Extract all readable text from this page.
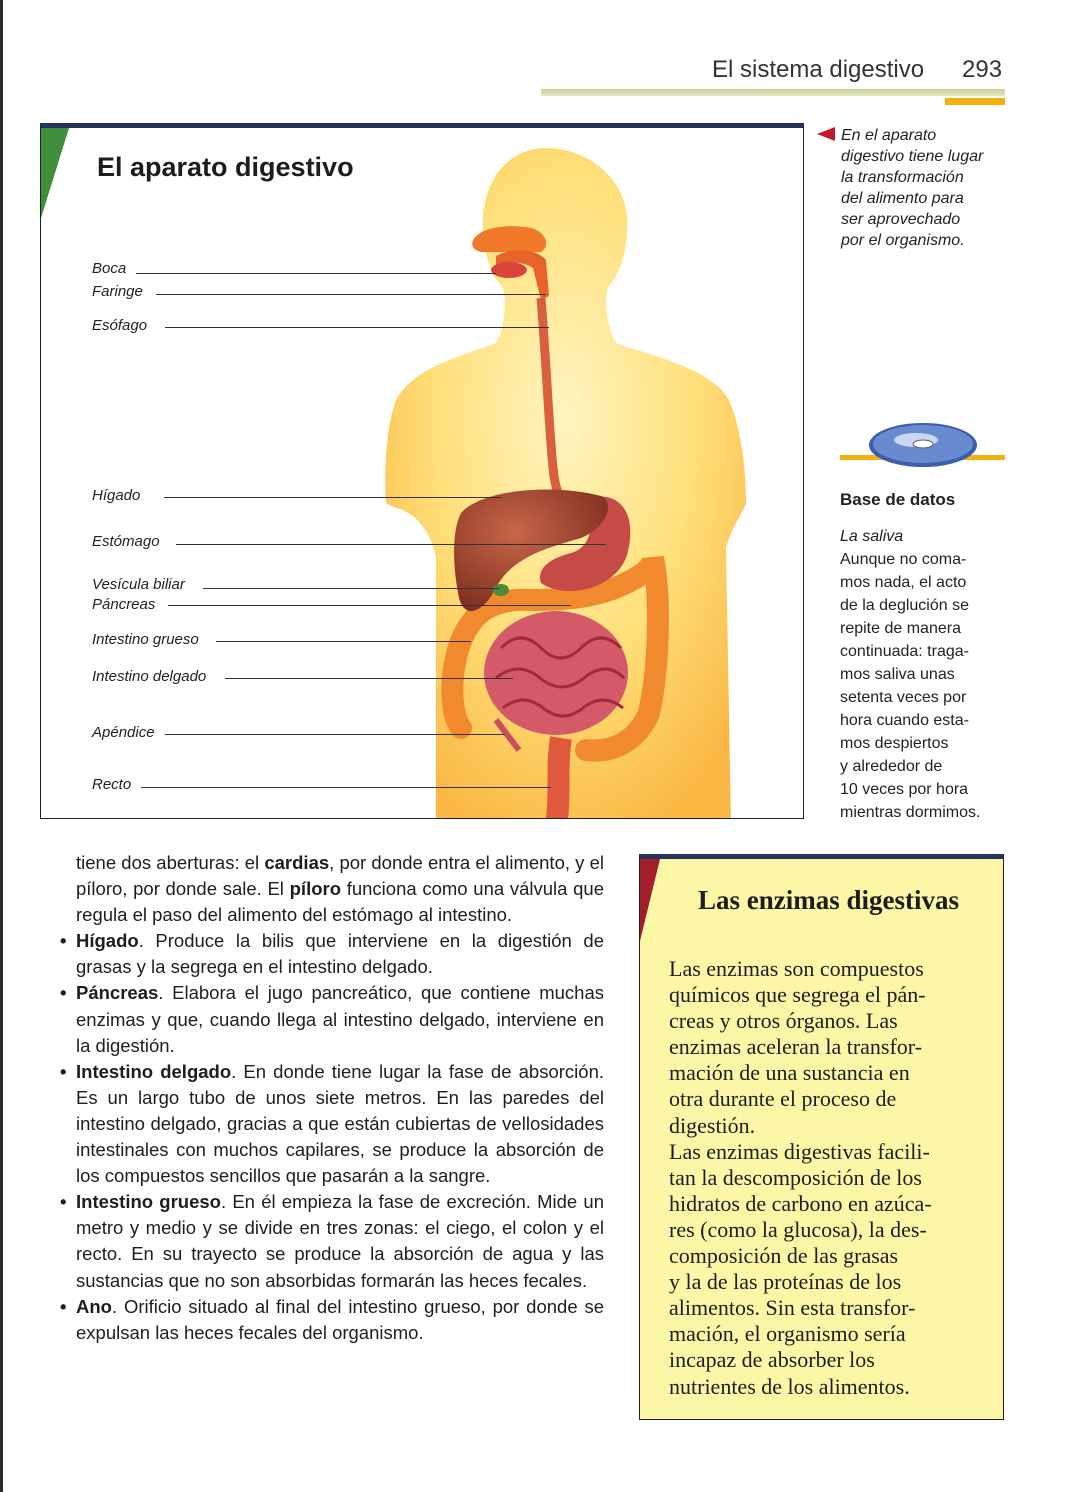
El sistema digestivo 293
El aparato digestivo
Boca
Faringe
Esófago
Hígado
Estómago
Vesícula biliar
Páncreas
Intestino grueso
Intestino delgado
Apéndice
Recto

En el aparato

digestivo tiene lugar

la transformación

del alimento para

ser aprovechado

por el organismo.

Base de datos

La saliva

Aunque no coma-

mos nada, el acto

de la deglución se

repite de manera

continuada: traga-

mos saliva unas

setenta veces por

hora cuando esta-

mos despiertos

y alrededor de

10 veces por hora

mientras dormimos.

tiene dos aberturas: el cardias, por donde entra el alimento, y el píloro, por donde sale. El píloro funciona como una válvula que regula el paso del alimento del estómago al intestino.

• Hígado. Produce la bilis que interviene en la digestión de grasas y la segrega en el intestino delgado.

• Páncreas. Elabora el jugo pancreático, que contiene muchas enzimas y que, cuando llega al intestino delgado, interviene en la digestión.

• Intestino delgado. En donde tiene lugar la fase de absorción. Es un largo tubo de unos siete metros. En las paredes del intestino delgado, gracias a que están cubiertas de vellosidades intestinales con muchos capilares, se produce la absorción de los compuestos sencillos que pasarán a la sangre.

• Intestino grueso. En él empieza la fase de excreción. Mide un metro y medio y se divide en tres zonas: el ciego, el colon y el recto. En su trayecto se produce la absorción de agua y las sustancias que no son absorbidas formarán las heces fecales.

• Ano. Orificio situado al final del intestino grueso, por donde se expulsan las heces fecales del organismo.

Las enzimas digestivas

Las enzimas son compuestos

químicos que segrega el pán-

creas y otros órganos. Las

enzimas aceleran la transfor-

mación de una sustancia en

otra durante el proceso de

digestión.

Las enzimas digestivas facili-

tan la descomposición de los

hidratos de carbono en azúca-

res (como la glucosa), la des-

composición de las grasas

y la de las proteínas de los

alimentos. Sin esta transfor-

mación, el organismo sería

incapaz de absorber los

nutrientes de los alimentos.
